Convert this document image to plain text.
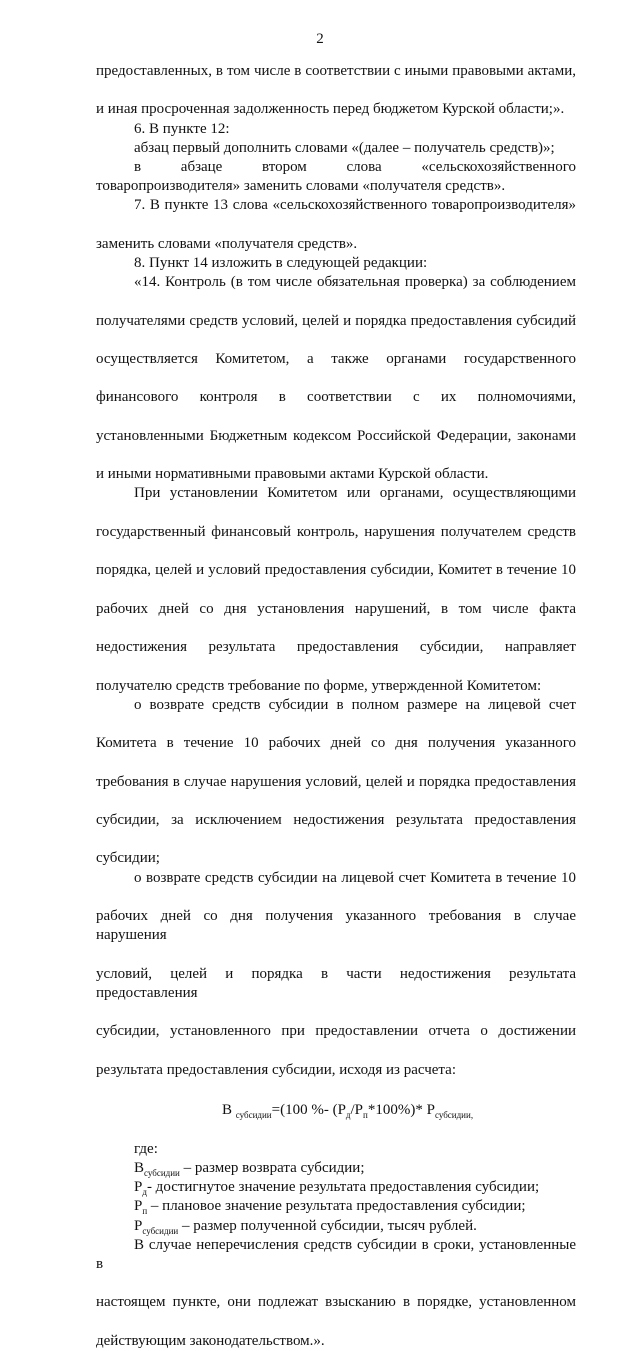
2

предоставленных, в том числе в соответствии с иными правовыми актами,

и иная просроченная задолженность перед бюджетом Курской области;».

6. В пункте 12:

абзац первый дополнить словами «(далее – получатель средств)»;

в	абзаце	втором	слова	«сельскохозяйственного

товаропроизводителя» заменить словами «получателя средств».

7. В пункте 13 слова «сельскохозяйственного товаропроизводителя»

заменить словами «получателя средств».

8. Пункт 14 изложить в следующей редакции:

«14. Контроль (в том числе обязательная проверка) за соблюдением

получателями средств условий, целей и порядка предоставления субсидий

осуществляется Комитетом, а также органами государственного

финансового контроля в соответствии с их полномочиями,

установленными Бюджетным кодексом Российской Федерации, законами

и иными нормативными правовыми актами Курской области.

При установлении Комитетом или органами, осуществляющими

государственный финансовый контроль, нарушения получателем средств

порядка, целей и условий предоставления субсидии, Комитет в течение 10

рабочих дней со дня установления нарушений, в том числе факта

недостижения результата предоставления субсидии, направляет

получателю средств требование по форме, утвержденной Комитетом:

о возврате средств субсидии в полном размере на лицевой счет

Комитета в течение 10 рабочих дней со дня получения указанного

требования в случае нарушения условий, целей и порядка предоставления

субсидии, за исключением недостижения результата предоставления

субсидии;

о возврате средств субсидии на лицевой счет Комитета в течение 10

рабочих дней со дня получения указанного требования в случае нарушения

условий, целей и порядка в части недостижения результата предоставления

субсидии, установленного при предоставлении отчета о достижении

результата предоставления субсидии, исходя из расчета:

В $_{субсидии}$=(100 %- $(Р_д/Р_п*100\%)*$ $Р_{субсидии,}$

где:

$В_{субсидии}$ – размер возврата субсидии;

$Р_д-$ достигнутое значение результата предоставления субсидии;

$Р_п$ – плановое значение результата предоставления субсидии;

$Р_{субсидии}$ – размер полученной субсидии, тысяч рублей.

В случае неперечисления средств субсидии в сроки, установленные в

настоящем пункте, они подлежат взысканию в порядке, установленном

действующим законодательством.».
